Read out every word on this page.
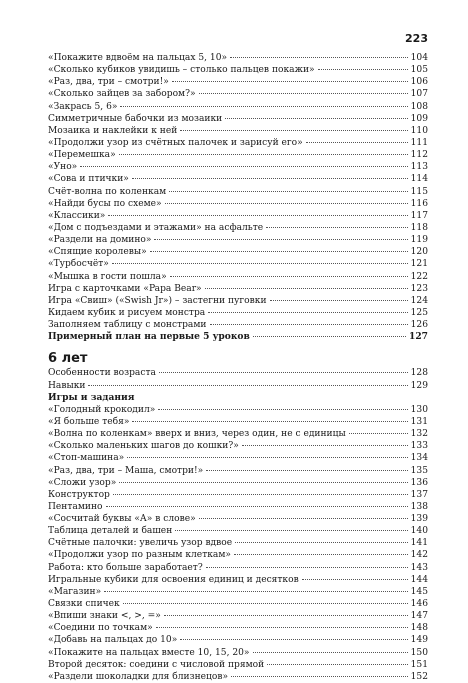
223
«Покажите вдвоём на пальцах 5, 10»	104
«Сколько кубиков увидишь – столько пальцев покажи»	105
«Раз, два, три – смотри!»	106
«Сколько зайцев за забором?»	107
«Закрась 5, 6»	108
Симметричные бабочки из мозаики	109
Мозаика и наклейки к ней	110
«Продолжи узор из счётных палочек и зарисуй его»	111
«Перемешка»	112
«Уно»	113
«Сова и птички»	114
Счёт-волна по коленкам	115
«Найди бусы по схеме»	116
«Классики»	117
«Дом с подъездами и этажами» на асфальте	118
«Раздели на домино»	119
«Спящие королевы»	120
«Турбосчёт»	121
«Мышка в гости пошла»	122
Игра с карточками «Papa Bear»	123
Игра «Свиш» («Swish Jr») – застегни пуговки	124
Кидаем кубик и рисуем монстра	125
Заполняем таблицу с монстрами	126
Примерный план на первые 5 уроков	127
6 лет
Особенности возраста	128
Навыки	129
Игры и задания
«Голодный крокодил»	130
«Я больше тебя»	131
«Волна по коленкам» вверх и вниз, через один, не с единицы	132
«Сколько маленьких шагов до кошки?»	133
«Стоп-машина»	134
«Раз, два, три – Маша, смотри!»	135
«Сложи узор»	136
Конструктор	137
Пентамино	138
«Сосчитай буквы «А» в слове»	139
Таблица деталей и башен	140
Счётные палочки: увеличь узор вдвое	141
«Продолжи узор по разным клеткам»	142
Работа: кто больше заработает?	143
Игральные кубики для освоения единиц и десятков	144
«Магазин»	145
Связки спичек	146
«Впиши знаки <, >, =»	147
«Соедини по точкам»	148
«Добавь на пальцах до 10»	149
«Покажите на пальцах вместе 10, 15, 20»	150
Второй десяток: соедини с числовой прямой	151
«Раздели шоколадки для близнецов»	152
